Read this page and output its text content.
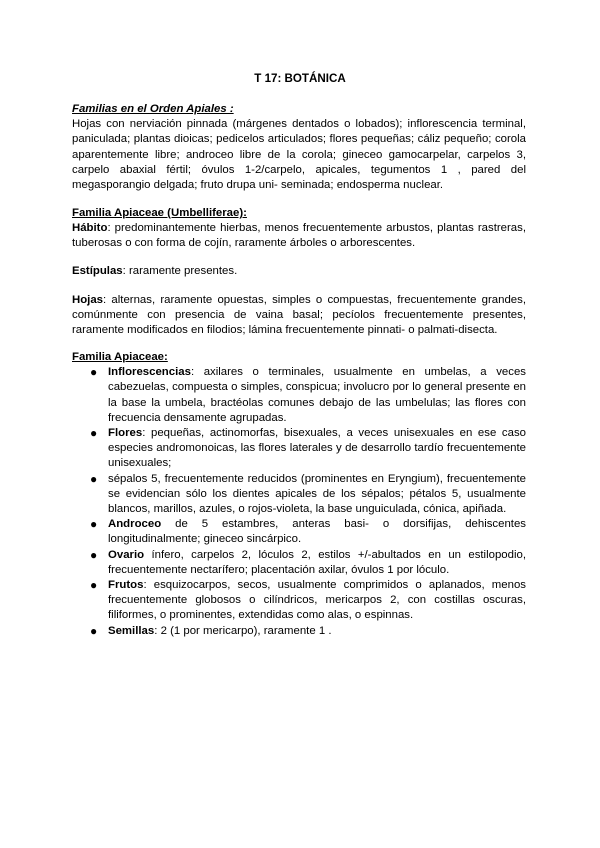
T 17: BOTÁNICA

Familias en el Orden Apiales :

Hojas con nerviación pinnada (márgenes dentados o lobados); inflorescencia terminal, paniculada; plantas dioicas; pedicelos articulados; flores pequeñas; cáliz pequeño; corola aparentemente libre; androceo libre de la corola; gineceo gamocarpelar, carpelos 3, carpelo abaxial fértil; óvulos 1-2/carpelo, apicales, tegumentos 1 , pared del megasporangio delgada; fruto drupa uni- seminada; endosperma nuclear.

Familia Apiaceae (Umbelliferae):

Hábito: predominantemente hierbas, menos frecuentemente arbustos, plantas rastreras, tuberosas o con forma de cojín, raramente árboles o arborescentes.

Estípulas: raramente presentes.

Hojas: alternas, raramente opuestas, simples o compuestas, frecuentemente grandes, comúnmente con presencia de vaina basal; pecíolos frecuentemente presentes, raramente modificados en filodios; lámina frecuentemente pinnati- o palmati-disecta.

Familia Apiaceae:

● Inflorescencias: axilares o terminales, usualmente en umbelas, a veces cabezuelas, compuesta o simples, conspicua; involucro por lo general presente en la base la umbela, bractéolas comunes debajo de las umbelulas; las flores con frecuencia densamente agrupadas.
● Flores: pequeñas, actinomorfas, bisexuales, a veces unisexuales en ese caso especies andromonoicas, las flores laterales y de desarrollo tardío frecuentemente unisexuales;
● sépalos 5, frecuentemente reducidos (prominentes en Eryngium), frecuentemente se evidencian sólo los dientes apicales de los sépalos; pétalos 5, usualmente blancos, marillos, azules, o rojos-violeta, la base unguiculada, cónica, apiñada.
● Androceo de 5 estambres, anteras basi- o dorsifijas, dehiscentes longitudinalmente; gineceo sincárpico.
● Ovario ínfero, carpelos 2, lóculos 2, estilos +/-abultados en un estilopodio, frecuentemente nectarífero; placentación axilar, óvulos 1 por lóculo.
● Frutos: esquizocarpos, secos, usualmente comprimidos o aplanados, menos frecuentemente globosos o cilíndricos, mericarpos 2, con costillas oscuras, filiformes, o prominentes, extendidas como alas, o espinnas.
● Semillas: 2 (1 por mericarpo), raramente 1 .
